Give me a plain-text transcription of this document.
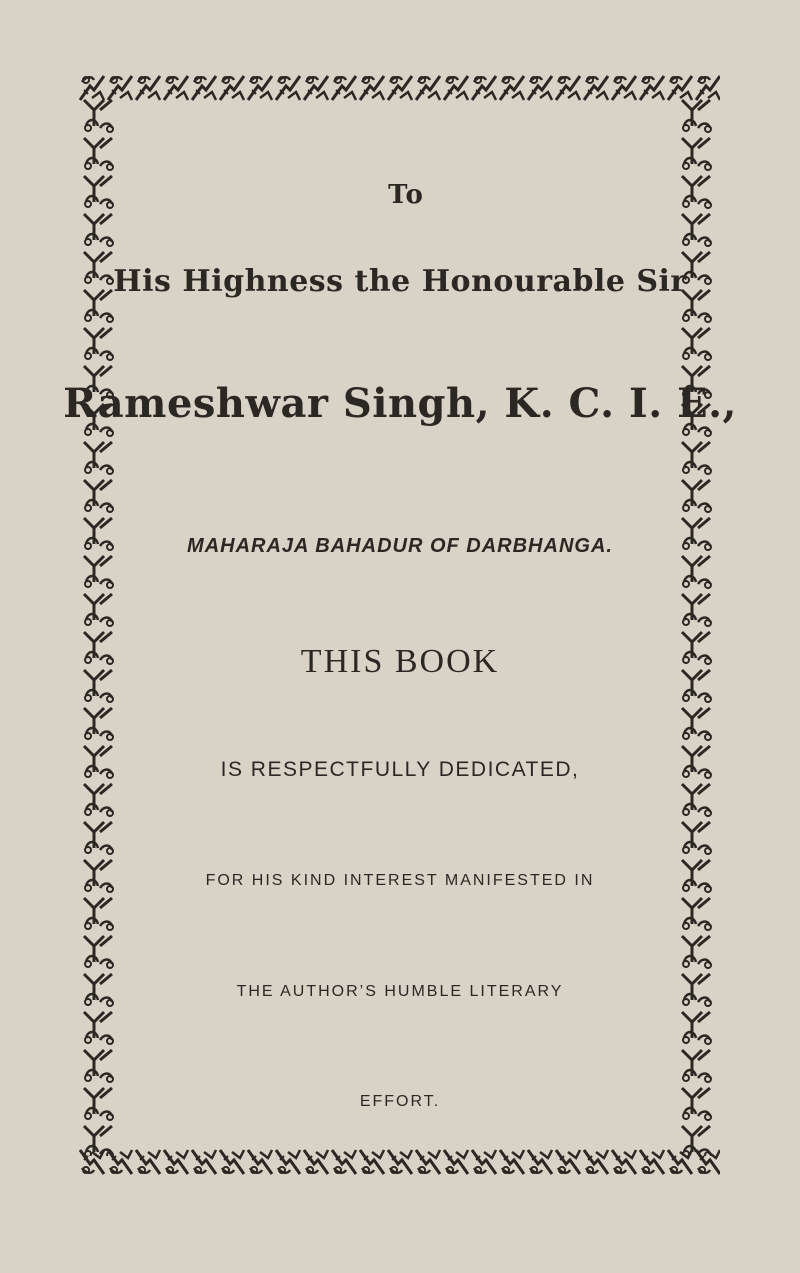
To
His Highness the Honourable Sir
Rameshwar Singh, K. C. I. E.,
MAHARAJA BAHADUR OF DARBHANGA.
THIS BOOK
IS RESPECTFULLY DEDICATED,
FOR HIS KIND INTEREST MANIFESTED IN
THE AUTHOR’S HUMBLE LITERARY
EFFORT.
